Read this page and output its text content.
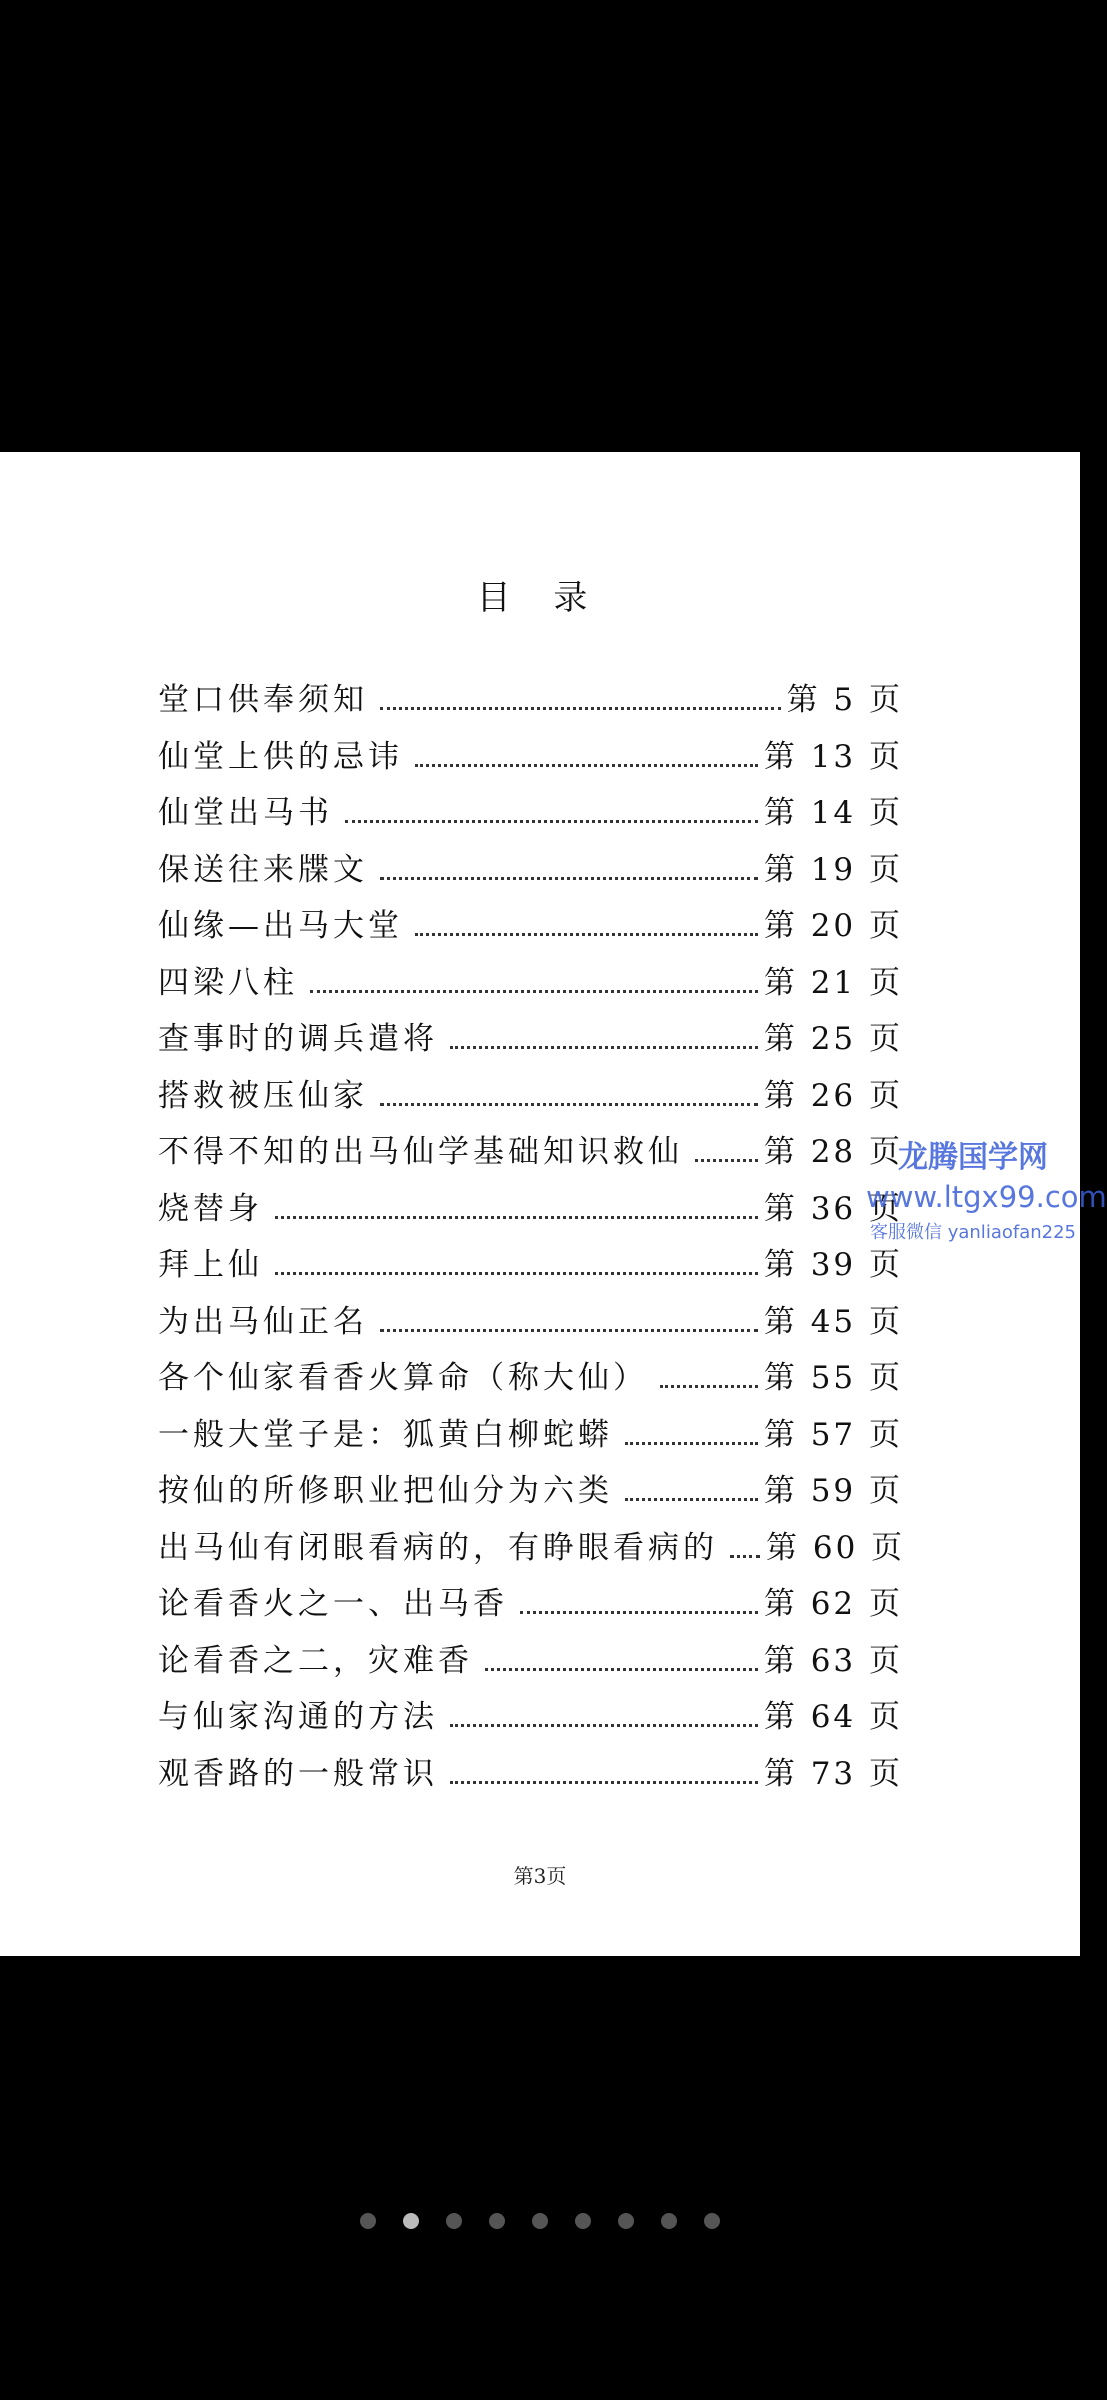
目 录
堂口供奉须知	第 5 页
仙堂上供的忌讳	第 13 页
仙堂出马书	第 14 页
保送往来牒文	第 19 页
仙缘—出马大堂	第 20 页
四梁八柱	第 21 页
查事时的调兵遣将	第 25 页
搭救被压仙家	第 26 页
不得不知的出马仙学基础知识救仙	第 28 页
烧替身	第 36 页
拜上仙	第 39 页
为出马仙正名	第 45 页
各个仙家看香火算命（称大仙）	第 55 页
一般大堂子是：狐黄白柳蛇蟒	第 57 页
按仙的所修职业把仙分为六类	第 59 页
出马仙有闭眼看病的，有睁眼看病的 第 60 页
论看香火之一、出马香	第 62 页
论看香之二，灾难香	第 63 页
与仙家沟通的方法	第 64 页
观香路的一般常识	第 73 页
第3页
龙腾国学网
www.ltgx99.com
客服微信 yanliaofan225
